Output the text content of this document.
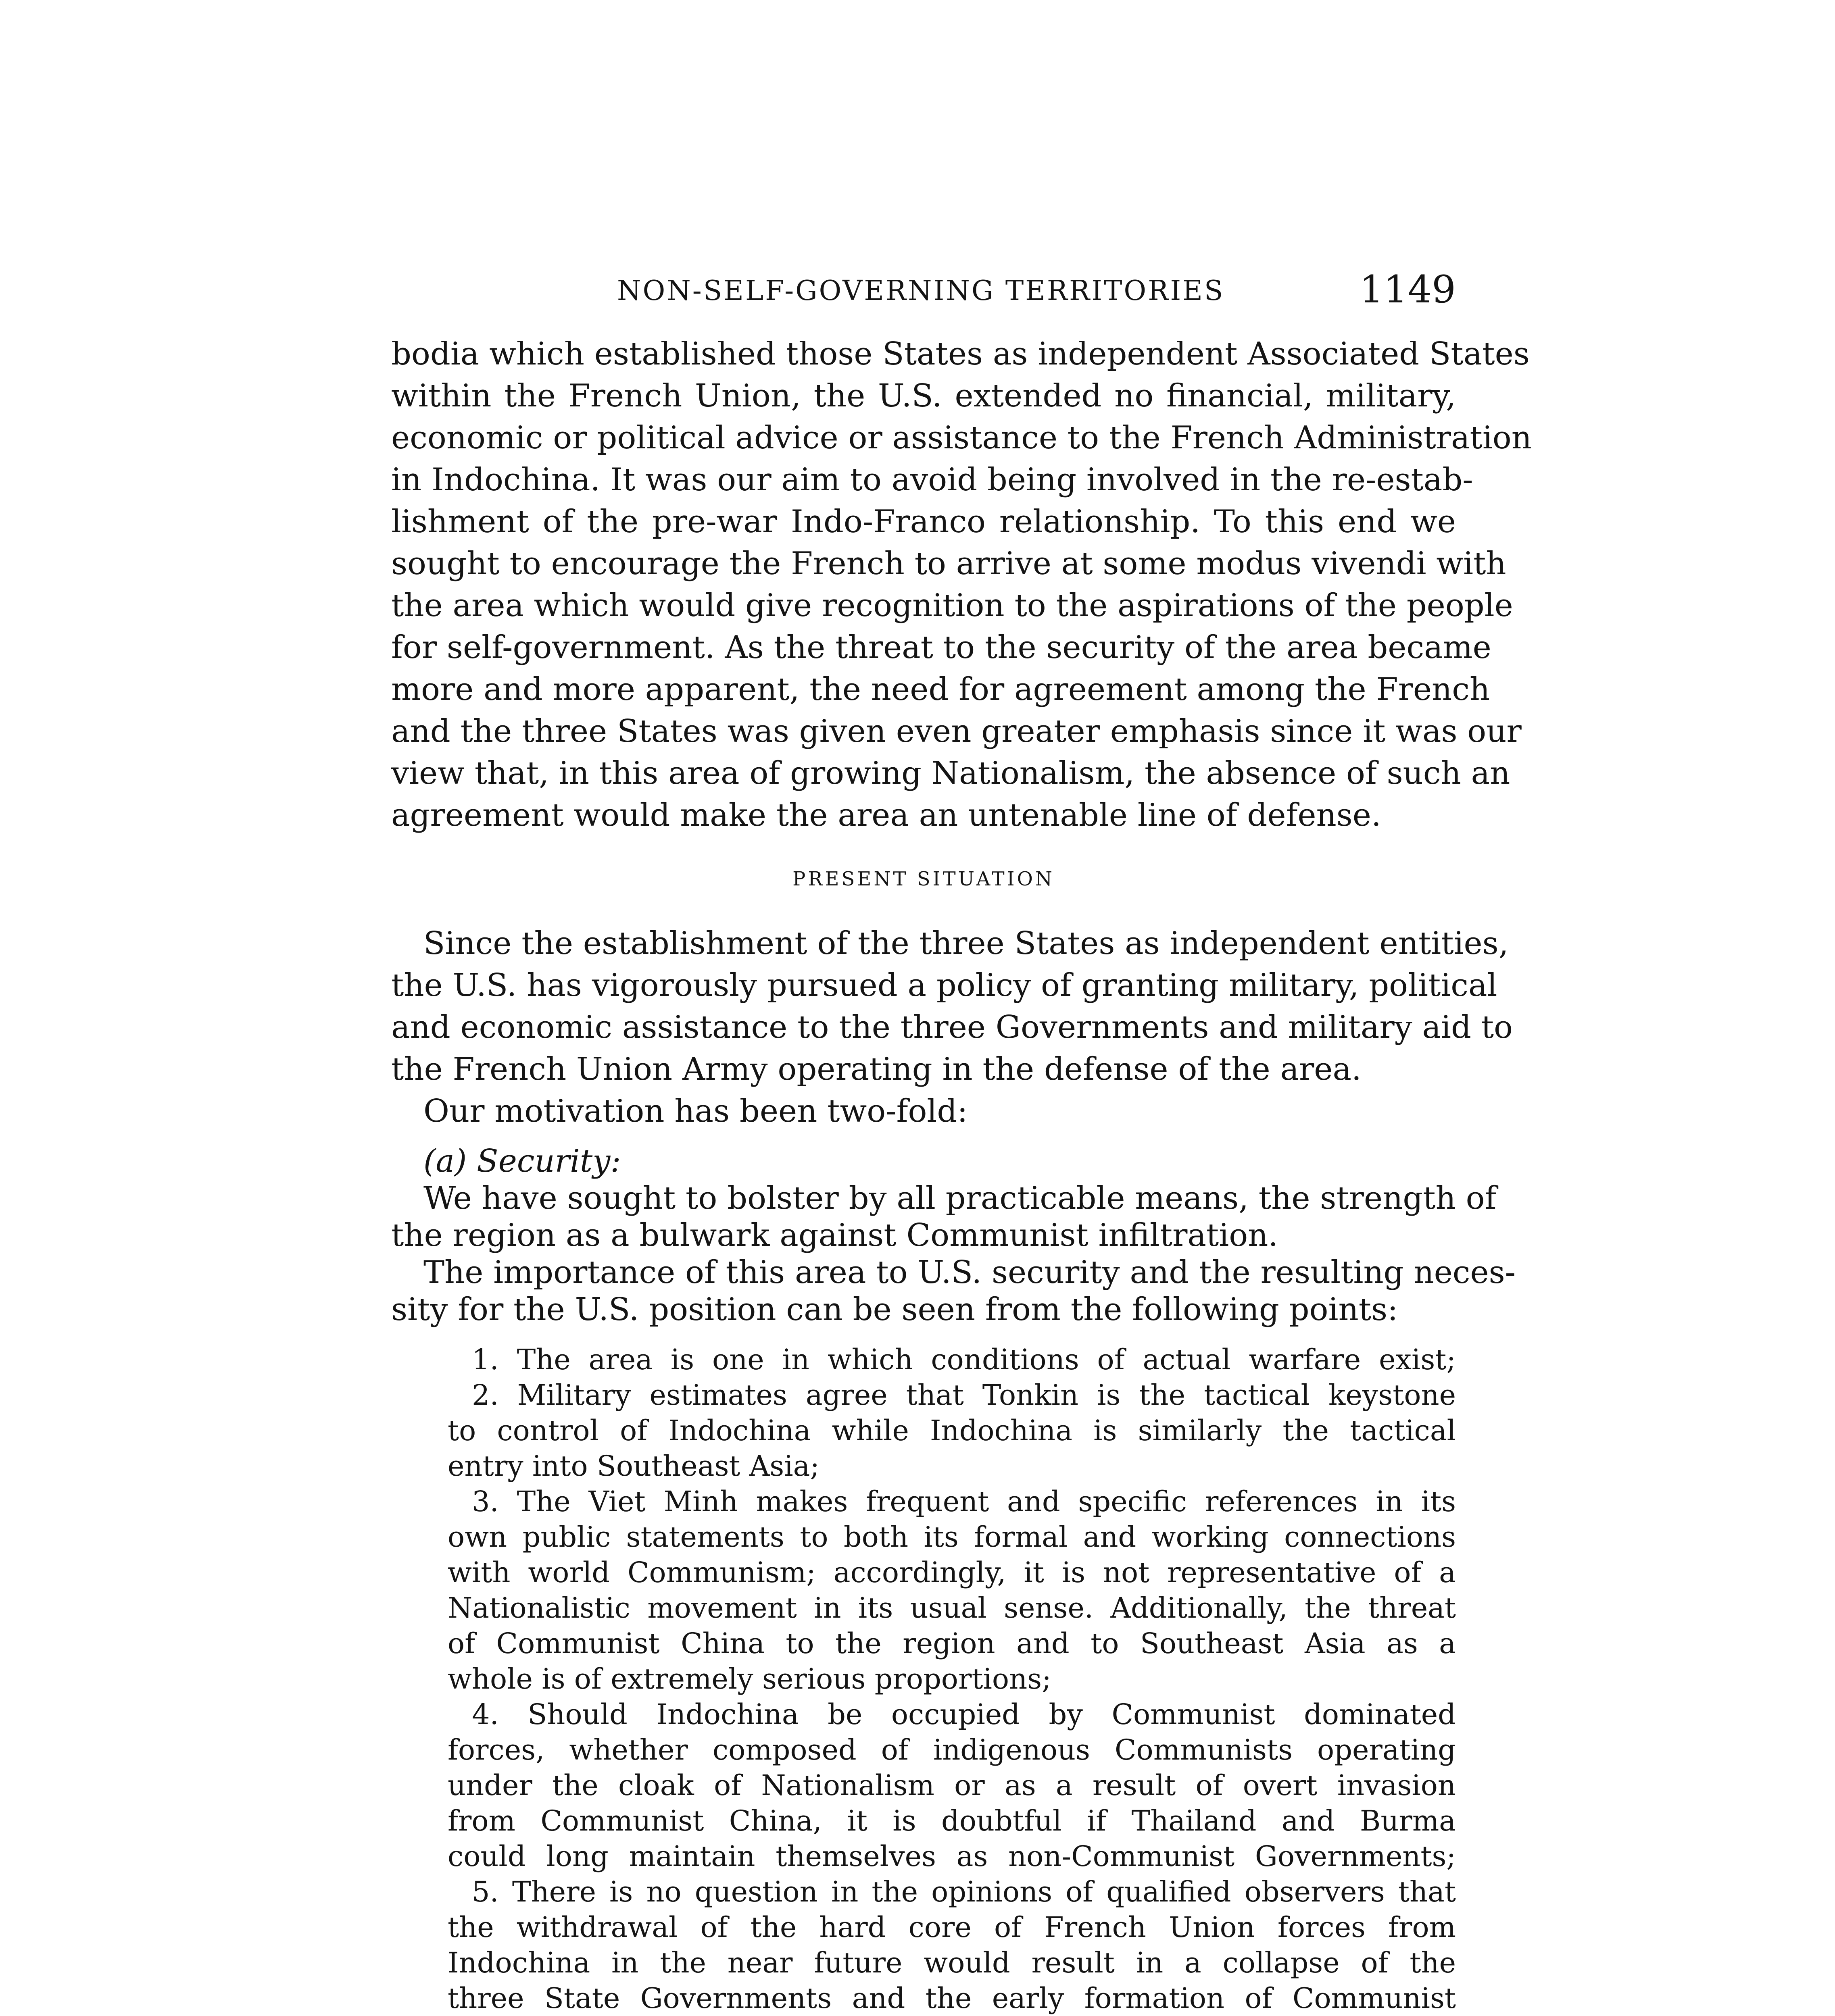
NON-SELF-GOVERNING TERRITORIES	1149
bodia which established those States as independent Associated States
within the French Union, the U.S. extended no financial, military,
economic or political advice or assistance to the French Administration
in Indochina. It was our aim to avoid being involved in the re-estab-
lishment of the pre-war Indo-Franco relationship. To this end we
sought to encourage the French to arrive at some modus vivendi with
the area which would give recognition to the aspirations of the people
for self-government. As the threat to the security of the area became
more and more apparent, the need for agreement among the French
and the three States was given even greater emphasis since it was our
view that, in this area of growing Nationalism, the absence of such an
agreement would make the area an untenable line of defense.
PRESENT SITUATION
Since the establishment of the three States as independent entities,
the U.S. has vigorously pursued a policy of granting military, political
and economic assistance to the three Governments and military aid to
the French Union Army operating in the defense of the area.
Our motivation has been two-fold:
(a) Security:
We have sought to bolster by all practicable means, the strength of
the region as a bulwark against Communist infiltration.
The importance of this area to U.S. security and the resulting neces-
sity for the U.S. position can be seen from the following points:
1. The area is one in which conditions of actual warfare exist;
2. Military estimates agree that Tonkin is the tactical keystone
to control of Indochina while Indochina is similarly the tactical
entry into Southeast Asia;
3. The Viet Minh makes frequent and specific references in its
own public statements to both its formal and working connections
with world Communism; accordingly, it is not representative of a
Nationalistic movement in its usual sense. Additionally, the threat
of Communist China to the region and to Southeast Asia as a
whole is of extremely serious proportions;
4. Should Indochina be occupied by Communist dominated
forces, whether composed of indigenous Communists operating
under the cloak of Nationalism or as a result of overt invasion
from Communist China, it is doubtful if Thailand and Burma
could long maintain themselves as non-Communist Governments;
5. There is no question in the opinions of qualified observers that
the withdrawal of the hard core of French Union forces from
Indochina in the near future would result in a collapse of the
three State Governments and the early formation of Communist
